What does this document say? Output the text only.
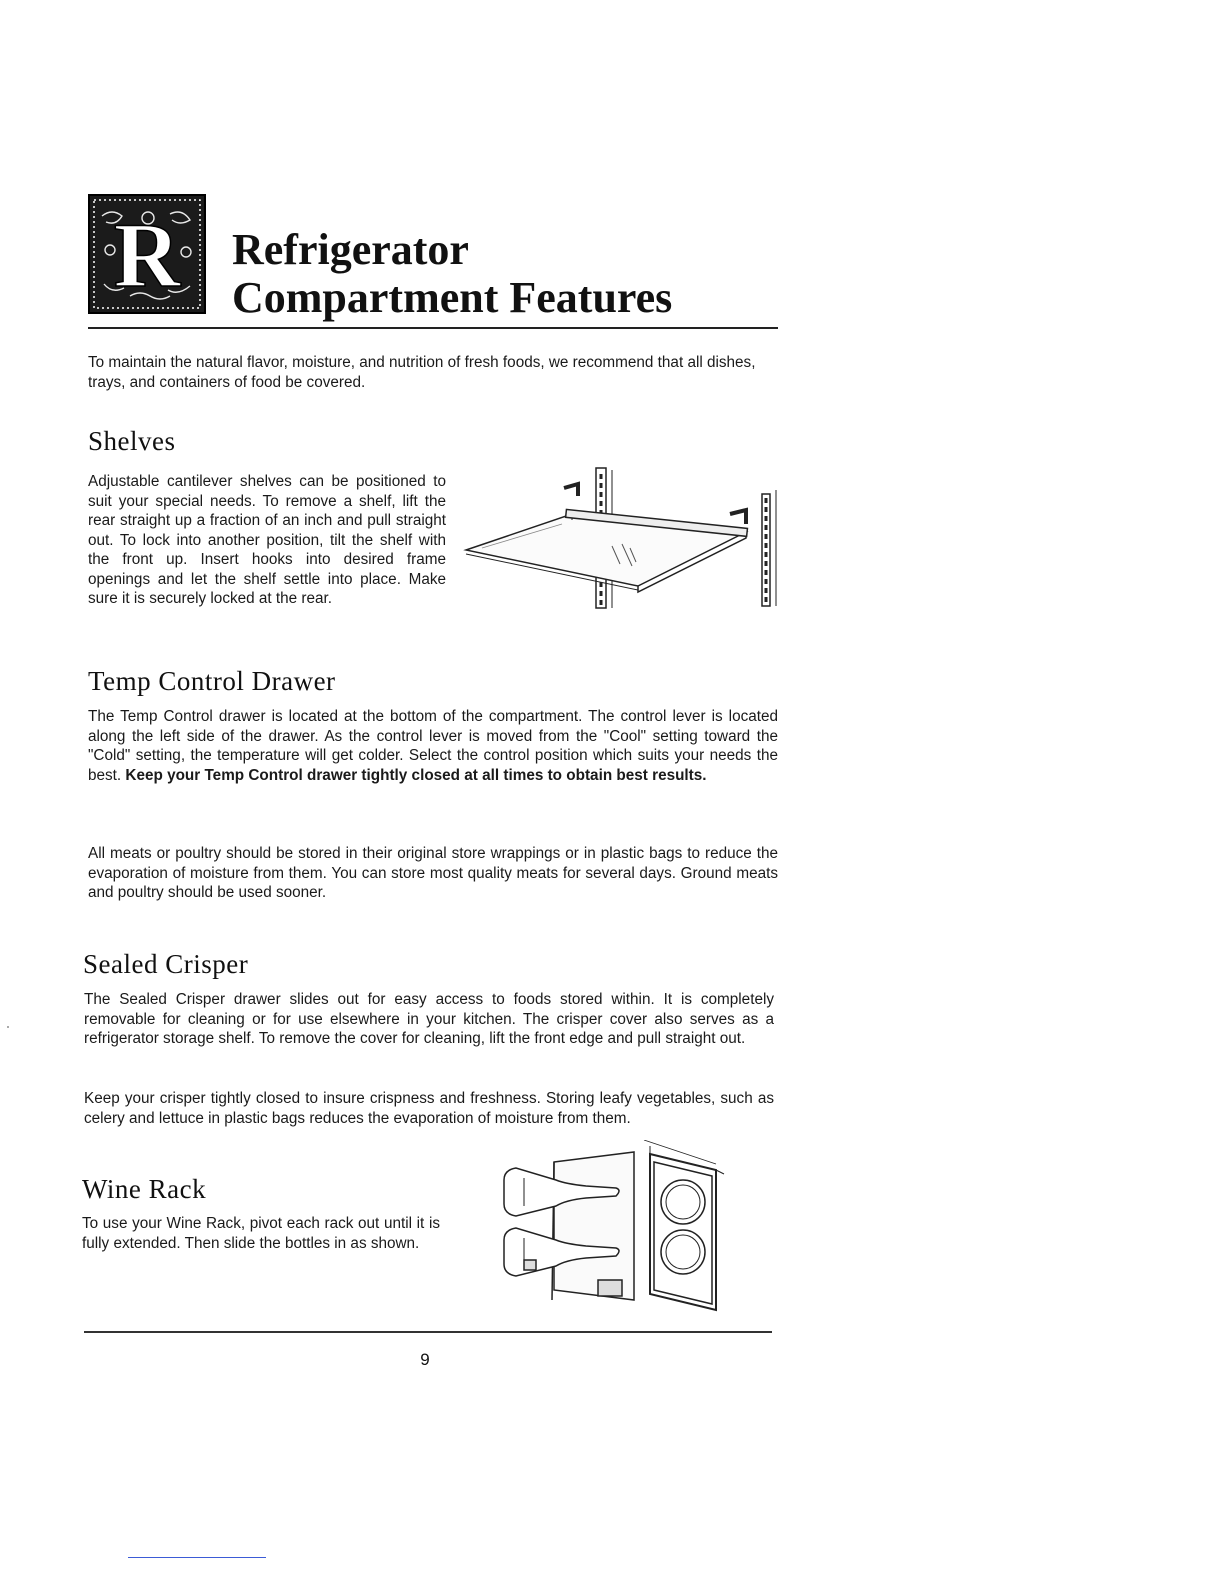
R Refrigerator
Compartment Features
To maintain the natural flavor, moisture, and nutrition of fresh foods, we recommend that all dishes, trays, and containers of food be covered.
Shelves
Adjustable cantilever shelves can be positioned to suit your special needs. To remove a shelf, lift the rear straight up a fraction of an inch and pull straight out. To lock into another position, tilt the shelf with the front up. Insert hooks into desired frame openings and let the shelf settle into place. Make sure it is securely locked at the rear.
Temp Control Drawer
The Temp Control drawer is located at the bottom of the compartment. The control lever is located along the left side of the drawer. As the control lever is moved from the "Cool" setting toward the "Cold" setting, the temperature will get colder. Select the control position which suits your needs the best. Keep your Temp Control drawer tightly closed at all times to obtain best results.
All meats or poultry should be stored in their original store wrappings or in plastic bags to reduce the evaporation of moisture from them. You can store most quality meats for several days. Ground meats and poultry should be used sooner.
Sealed Crisper
The Sealed Crisper drawer slides out for easy access to foods stored within. It is completely removable for cleaning or for use elsewhere in your kitchen. The crisper cover also serves as a refrigerator storage shelf. To remove the cover for cleaning, lift the front edge and pull straight out.
Keep your crisper tightly closed to insure crispness and freshness. Storing leafy vegetables, such as celery and lettuce in plastic bags reduces the evaporation of moisture from them.
Wine Rack
To use your Wine Rack, pivot each rack out until it is fully extended. Then slide the bottles in as shown.
9
